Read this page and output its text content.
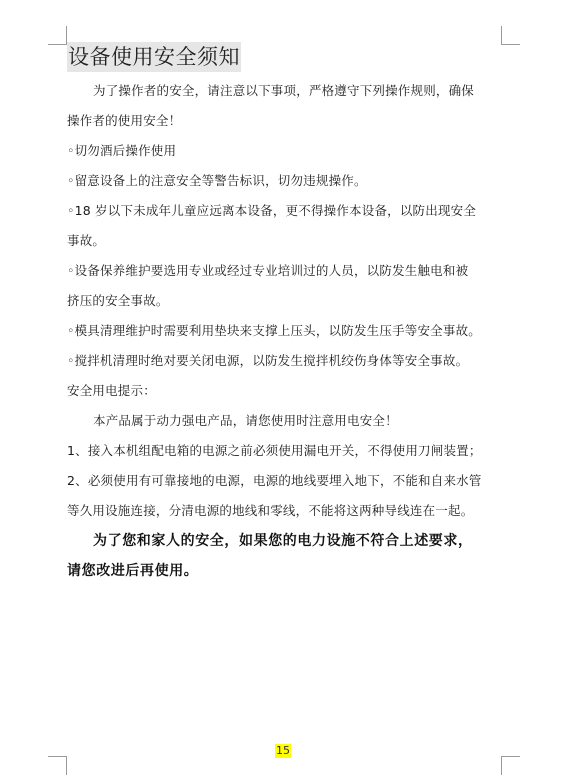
设备使用安全须知
为了操作者的安全，请注意以下事项，严格遵守下列操作规则，确保
操作者的使用安全！
◦切勿酒后操作使用
◦留意设备上的注意安全等警告标识，切勿违规操作。
◦18 岁以下未成年儿童应远离本设备，更不得操作本设备，以防出现安全
事故。
◦设备保养维护要选用专业或经过专业培训过的人员，以防发生触电和被
挤压的安全事故。
◦模具清理维护时需要利用垫块来支撑上压头，以防发生压手等安全事故。
◦搅拌机清理时绝对要关闭电源，以防发生搅拌机绞伤身体等安全事故。
安全用电提示：
本产品属于动力强电产品，请您使用时注意用电安全！
1、接入本机组配电箱的电源之前必须使用漏电开关，不得使用刀闸装置；
2、必须使用有可靠接地的电源，电源的地线要埋入地下，不能和自来水管
等久用设施连接，分清电源的地线和零线，不能将这两种导线连在一起。
为了您和家人的安全，如果您的电力设施不符合上述要求，
请您改进后再使用。
15
